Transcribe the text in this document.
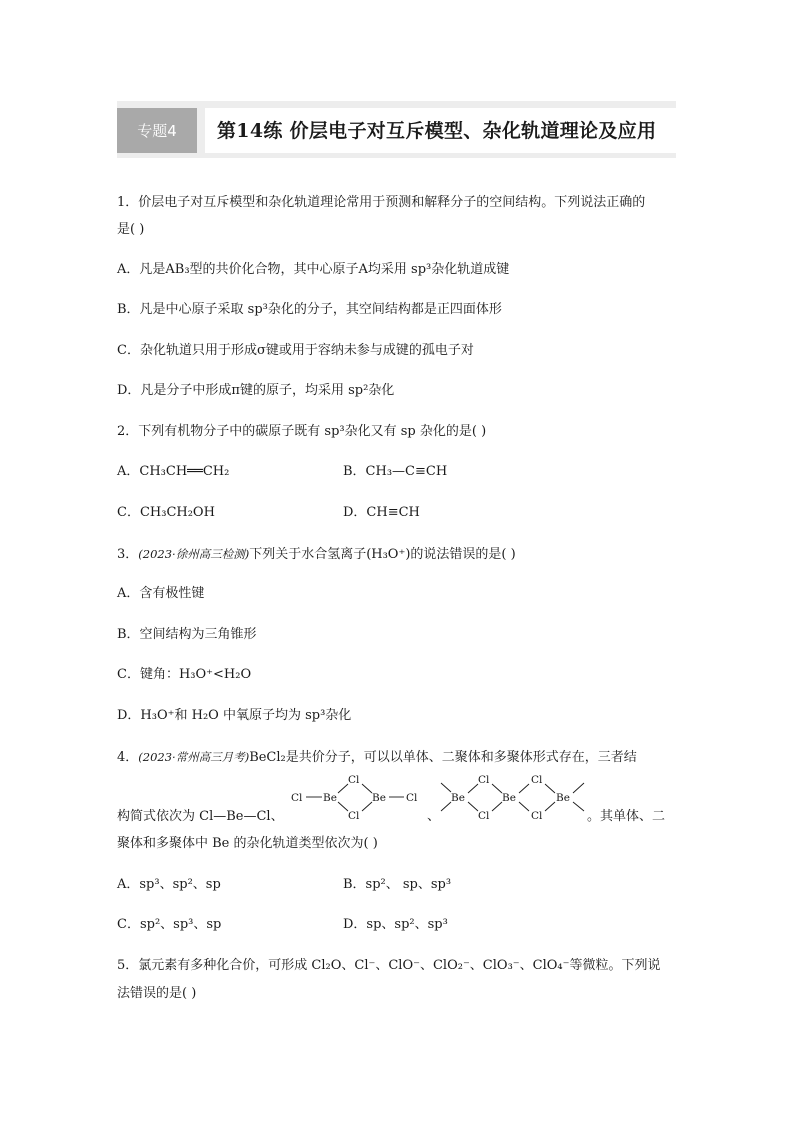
专题4	第14练 价层电子对互斥模型、杂化轨道理论及应用
1．价层电子对互斥模型和杂化轨道理论常用于预测和解释分子的空间结构。下列说法正确的
是( )
A．凡是AB₃型的共价化合物，其中心原子A均采用 sp³杂化轨道成键
B．凡是中心原子采取 sp³杂化的分子，其空间结构都是正四面体形
C．杂化轨道只用于形成σ键或用于容纳未参与成键的孤电子对
D．凡是分子中形成π键的原子，均采用 sp²杂化
2．下列有机物分子中的碳原子既有 sp³杂化又有 sp 杂化的是( )
A．CH₃CH══CH₂	B．CH₃—C≡CH
C．CH₃CH₂OH	D．CH≡CH
3．(2023·徐州高三检测)下列关于水合氢离子(H₃O⁺)的说法错误的是( )
A．含有极性键
B．空间结构为三角锥形
C．键角：H₃O⁺<H₂O
D．H₃O⁺和 H₂O 中氧原子均为 sp³杂化
4．(2023·常州高三月考)BeCl₂是共价分子，可以以单体、二聚体和多聚体形式存在，三者结
构简式依次为 Cl—Be—Cl、
Cl Be
Cl
Cl
Be Cl
、
Be
Cl
Cl
Be
Cl
Cl
Be
。其单体、二
聚体和多聚体中 Be 的杂化轨道类型依次为( )
A．sp³、sp²、sp	B．sp²、 sp、sp³
C．sp²、sp³、sp	D．sp、sp²、sp³
5．氯元素有多种化合价，可形成 Cl₂O、Cl⁻、ClO⁻、ClO₂⁻、ClO₃⁻、ClO₄⁻等微粒。下列说
法错误的是( )
